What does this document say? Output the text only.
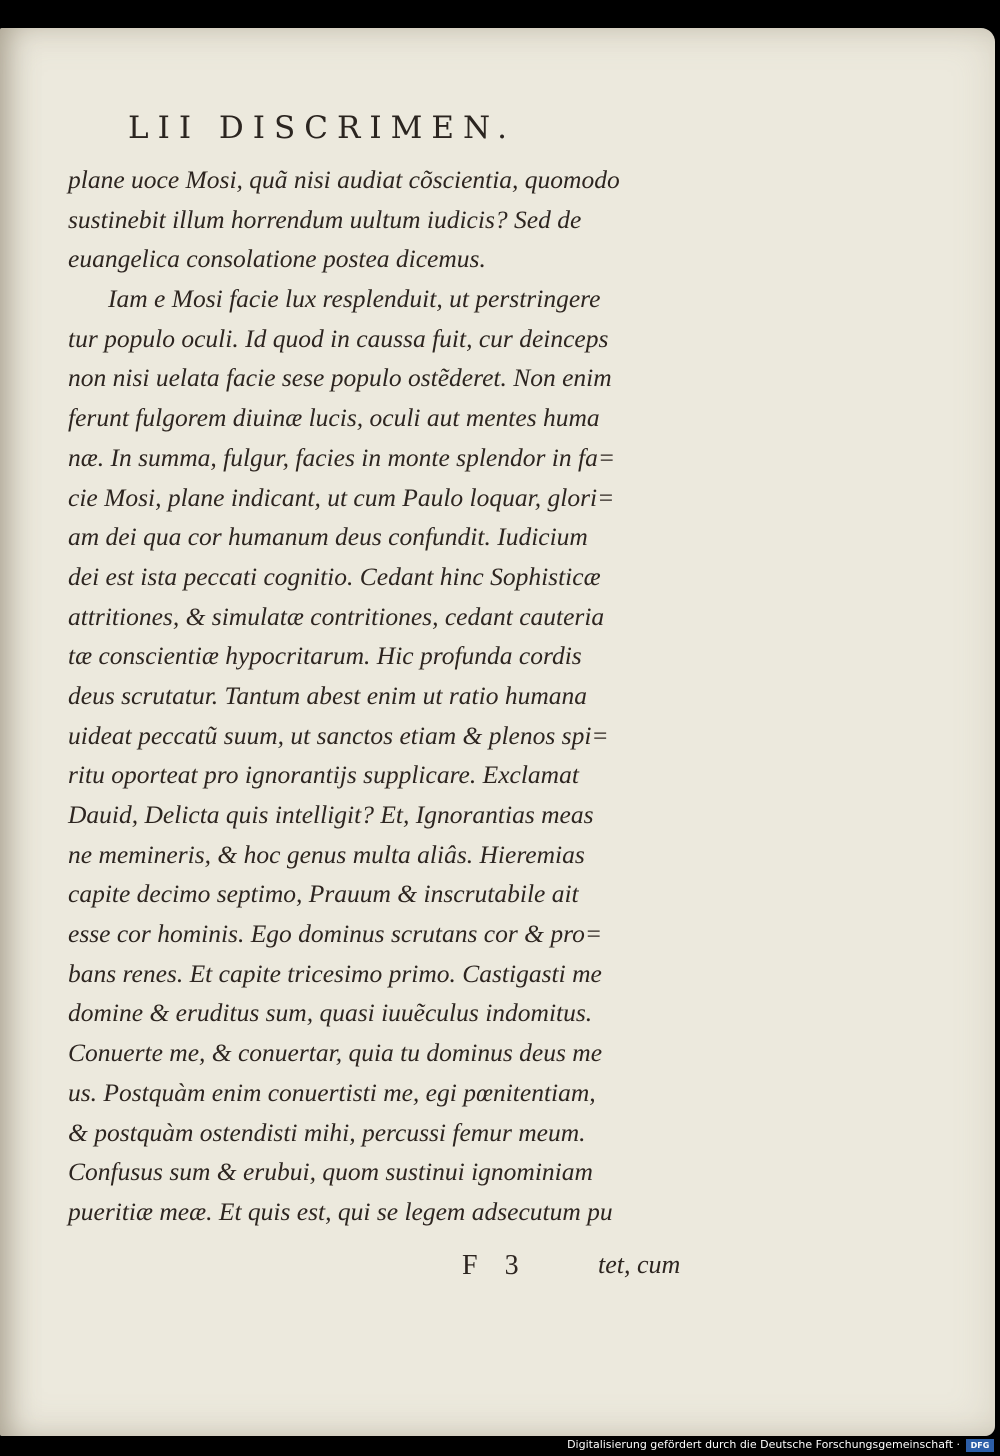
LII DISCRIMEN.

plane uoce Mosi, quã nisi audiat cõscientia, quomodo

sustinebit illum horrendum uultum iudicis? Sed de

euangelica consolatione postea dicemus.

Iam e Mosi facie lux resplenduit, ut perstringere

tur populo oculi. Id quod in caussa fuit, cur deinceps

non nisi uelata facie sese populo ostẽderet. Non enim

ferunt fulgorem diuinæ lucis, oculi aut mentes huma

næ. In summa, fulgur, facies in monte splendor in fa=

cie Mosi, plane indicant, ut cum Paulo loquar, glori=

am dei qua cor humanum deus confundit. Iudicium

dei est ista peccati cognitio. Cedant hinc Sophisticæ

attritiones, & simulatæ contritiones, cedant cauteria

tæ conscientiæ hypocritarum. Hic profunda cordis

deus scrutatur. Tantum abest enim ut ratio humana

uideat peccatũ suum, ut sanctos etiam & plenos spi=

ritu oporteat pro ignorantijs supplicare. Exclamat

Dauid, Delicta quis intelligit? Et, Ignorantias meas

ne memineris, & hoc genus multa aliâs. Hieremias

capite decimo septimo, Prauum & inscrutabile ait

esse cor hominis. Ego dominus scrutans cor & pro=

bans renes. Et capite tricesimo primo. Castigasti me

domine & eruditus sum, quasi iuuẽculus indomitus.

Conuerte me, & conuertar, quia tu dominus deus me

us. Postquàm enim conuertisti me, egi pœnitentiam,

& postquàm ostendisti mihi, percussi femur meum.

Confusus sum & erubui, quom sustinui ignominiam

pueritiæ meæ. Et quis est, qui se legem adsecutum pu

F 3	tet, cum

Digitalisierung gefördert durch die Deutsche Forschungsgemeinschaft ·	DFG
